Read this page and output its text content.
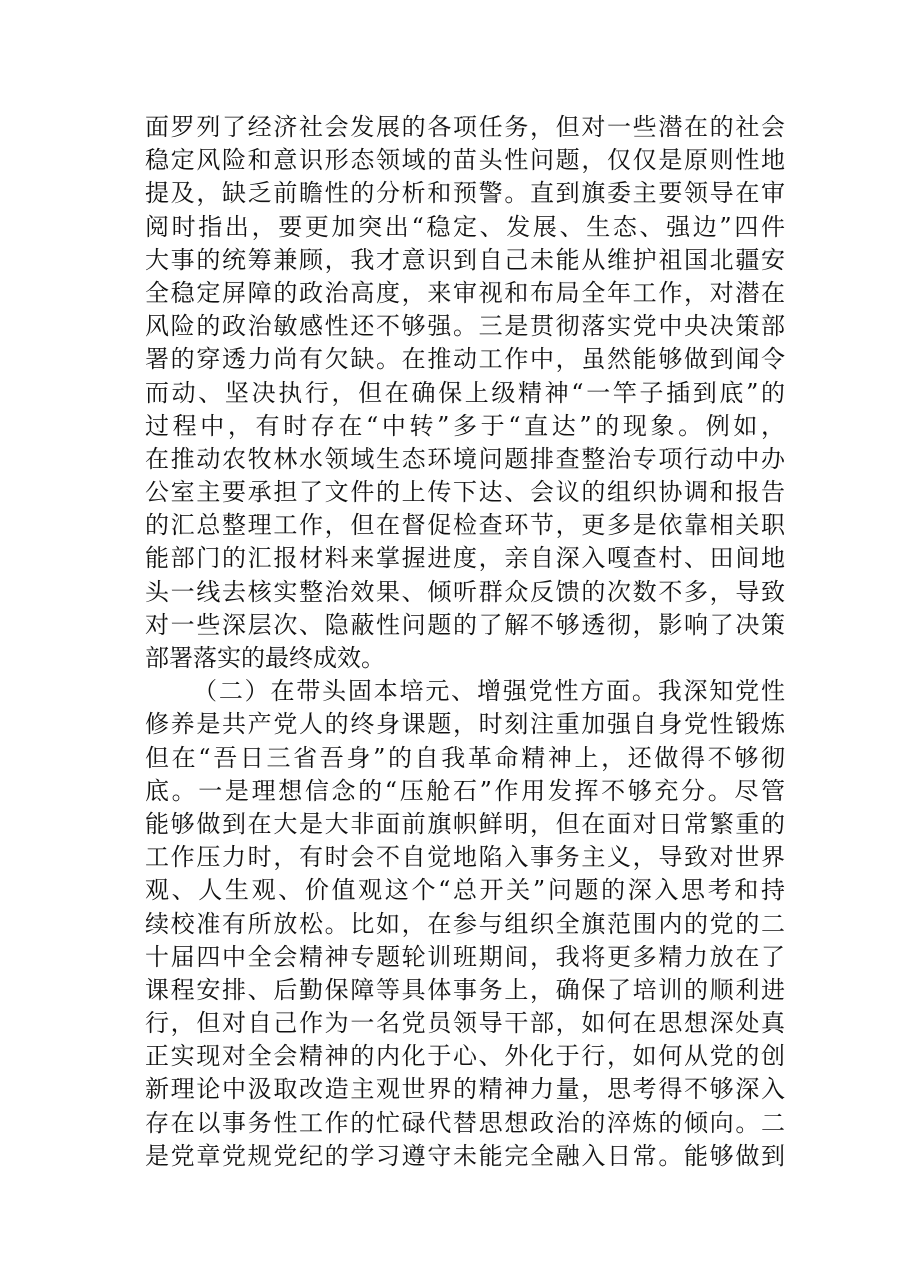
面罗列了经济社会发展的各项任务，但对一些潜在的社会
稳定风险和意识形态领域的苗头性问题，仅仅是原则性地
提及，缺乏前瞻性的分析和预警。直到旗委主要领导在审
阅时指出，要更加突出“稳定、发展、生态、强边”四件
大事的统筹兼顾，我才意识到自己未能从维护祖国北疆安
全稳定屏障的政治高度，来审视和布局全年工作，对潜在
风险的政治敏感性还不够强。三是贯彻落实党中央决策部
署的穿透力尚有欠缺。在推动工作中，虽然能够做到闻令
而动、坚决执行，但在确保上级精神“一竿子插到底”的
过程中，有时存在“中转”多于“直达”的现象。例如，
在推动农牧林水领域生态环境问题排查整治专项行动中办
公室主要承担了文件的上传下达、会议的组织协调和报告
的汇总整理工作，但在督促检查环节，更多是依靠相关职
能部门的汇报材料来掌握进度，亲自深入嘎查村、田间地
头一线去核实整治效果、倾听群众反馈的次数不多，导致
对一些深层次、隐蔽性问题的了解不够透彻，影响了决策
部署落实的最终成效。
（二）在带头固本培元、增强党性方面。我深知党性
修养是共产党人的终身课题，时刻注重加强自身党性锻炼
但在“吾日三省吾身”的自我革命精神上，还做得不够彻
底。一是理想信念的“压舱石”作用发挥不够充分。尽管
能够做到在大是大非面前旗帜鲜明，但在面对日常繁重的
工作压力时，有时会不自觉地陷入事务主义，导致对世界
观、人生观、价值观这个“总开关”问题的深入思考和持
续校准有所放松。比如，在参与组织全旗范围内的党的二
十届四中全会精神专题轮训班期间，我将更多精力放在了
课程安排、后勤保障等具体事务上，确保了培训的顺利进
行，但对自己作为一名党员领导干部，如何在思想深处真
正实现对全会精神的内化于心、外化于行，如何从党的创
新理论中汲取改造主观世界的精神力量，思考得不够深入
存在以事务性工作的忙碌代替思想政治的淬炼的倾向。二
是党章党规党纪的学习遵守未能完全融入日常。能够做到
